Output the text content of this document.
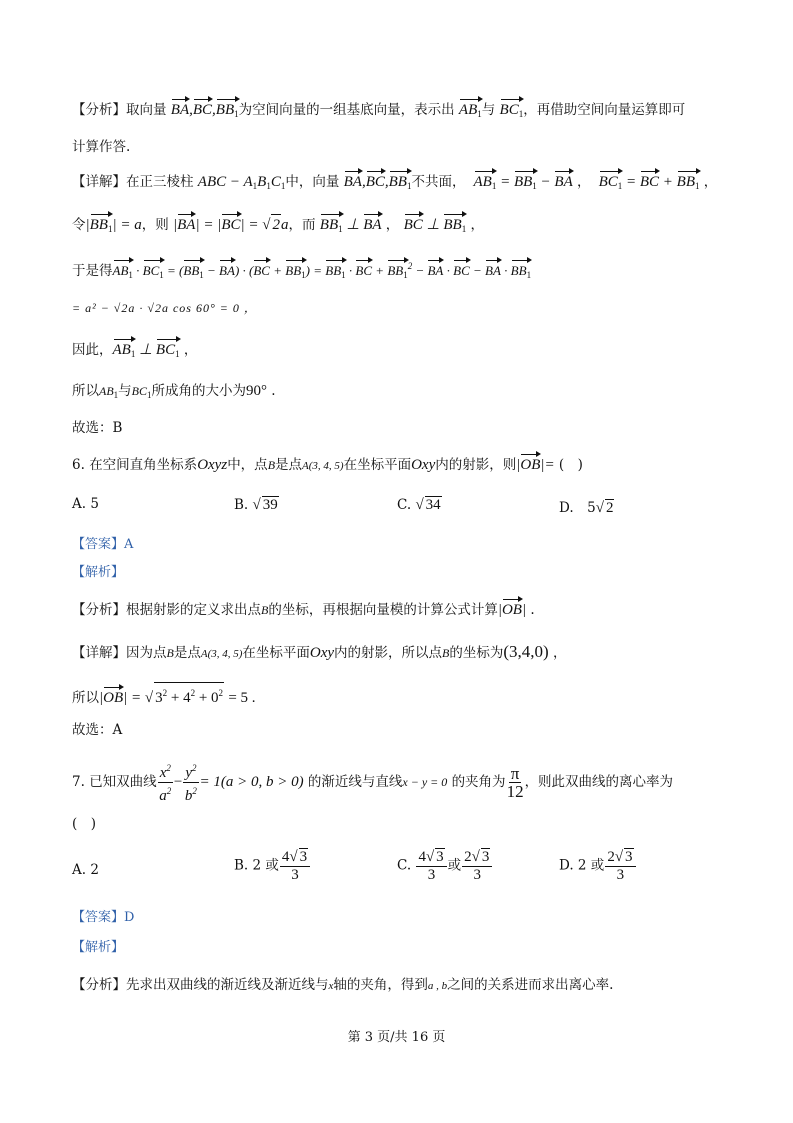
【分析】取向量 $BA,BC,BB_1$为空间向量的一组基底向量，表示出 $AB_1$与 $BC_1$，再借助空间向量运算即可
计算作答.
【详解】在正三棱柱 ABC − $A_1B_1C_1$中，向量 $BA,BC,BB_1$不共面， $AB_1 = BB_1$ − BA ，  $BC_1$ = BC + $BB_1$ ，
令$|BB_1| = a$，则 |BA| = |BC| = √ 2a，而 $BB_1$ ⊥ BA ， BC ⊥ $BB_1$ ，
于是得$AB_1 \cdot BC_1 = (BB_1 - BA) \cdot (BC + BB_1) = BB_1$ · BC + $BB_1^2$ − BA · BC − BA · $BB_1$
= a² − √2a · √2a cos 60° = 0 ，
因此，$AB_1$ ⊥ $BC_1$ ，
所以$AB_1$与$BC_1$所成角的大小为90° .
故选：B
6. 在空间直角坐标系Oxyz中，点B是点A(3, 4, 5)在坐标平面Oxy内的射影，则|OB|= (　)
A. 5	B. √ 39	C. √ 34	D.　5√ 2
【答案】A
【解析】
【分析】根据射影的定义求出点B的坐标，再根据向量模的计算公式计算|OB| .
【详解】因为点B是点A(3, 4, 5)在坐标平面Oxy内的射影，所以点B的坐标为(3,4,0) ，
所以|OB| = √ $3^2 + 4^2 + 0^2 = 5$ .
故选：A
7. 已知双曲线 $\frac{x^2}{a^2} - \frac{y^2}{b^2} = 1(a > 0$, b > 0) 的渐近线与直线x − y = 0 的夹角为 $\frac{\pi}{12}$ ，则此双曲线的离心率为
(　)
A. 2	B. 2 或 $\frac{4√ 3}{3}$	C. $\frac{4√ 3}{3}$ 或 $\frac{2√ 3}{3}$	D. 2 或 $\frac{2√ 3}{3}$
【答案】D
【解析】
【分析】先求出双曲线的渐近线及渐近线与x轴的夹角，得到a , b之间的关系进而求出离心率.
第 3 页/共 16 页
